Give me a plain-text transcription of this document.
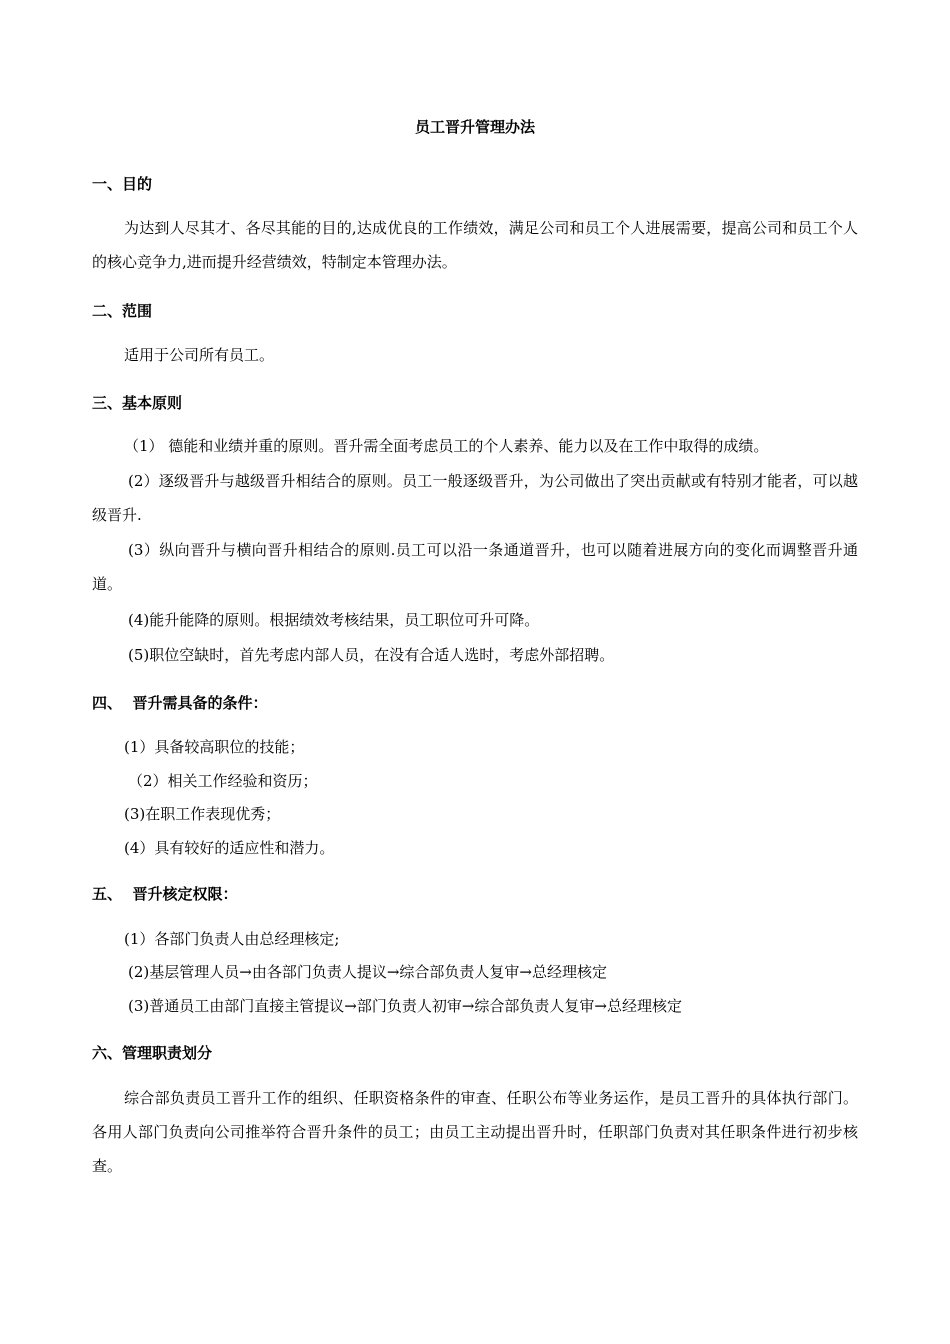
员工晋升管理办法
一、目的

为达到人尽其才、各尽其能的目的,达成优良的工作绩效，满足公司和员工个人进展需要，提高公司和员工个人的核心竞争力,进而提升经营绩效，特制定本管理办法。

二、范围

适用于公司所有员工。

三、基本原则

（1） 德能和业绩并重的原则。晋升需全面考虑员工的个人素养、能力以及在工作中取得的成绩。

(2）逐级晋升与越级晋升相结合的原则。员工一般逐级晋升，为公司做出了突出贡献或有特别才能者，可以越级晋升.

(3）纵向晋升与横向晋升相结合的原则.员工可以沿一条通道晋升，也可以随着进展方向的变化而调整晋升通道。

(4)能升能降的原则。根据绩效考核结果，员工职位可升可降。

(5)职位空缺时，首先考虑内部人员，在没有合适人选时，考虑外部招聘。

四、  晋升需具备的条件：

(1）具备较高职位的技能；

（2）相关工作经验和资历；

(3)在职工作表现优秀；

(4）具有较好的适应性和潜力。

五、  晋升核定权限：

(1）各部门负责人由总经理核定;

(2)基层管理人员→由各部门负责人提议→综合部负责人复审→总经理核定

(3)普通员工由部门直接主管提议→部门负责人初审→综合部负责人复审→总经理核定

六、管理职责划分

综合部负责员工晋升工作的组织、任职资格条件的审查、任职公布等业务运作，是员工晋升的具体执行部门。各用人部门负责向公司推举符合晋升条件的员工；由员工主动提出晋升时，任职部门负责对其任职条件进行初步核查。
